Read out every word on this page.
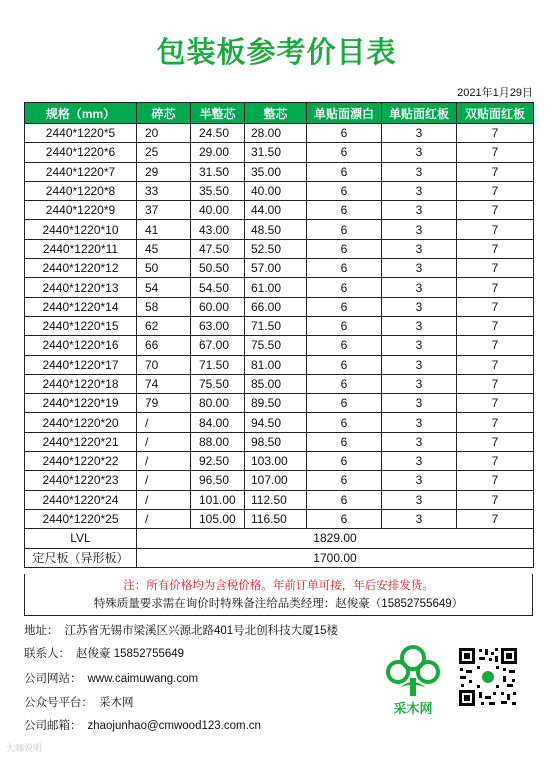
包装板参考价目表
2021年1月29日
规格（mm）	碎芯	半整芯	整芯	单贴面漂白	单贴面红板	双贴面红板
2440*1220*5	20	24.50	28.00	6	3	7
2440*1220*6	25	29.00	31.50	6	3	7
2440*1220*7	29	31.50	35.00	6	3	7
2440*1220*8	33	35.50	40.00	6	3	7
2440*1220*9	37	40.00	44.00	6	3	7
2440*1220*10	41	43.00	48.50	6	3	7
2440*1220*11	45	47.50	52.50	6	3	7
2440*1220*12	50	50.50	57.00	6	3	7
2440*1220*13	54	54.50	61.00	6	3	7
2440*1220*14	58	60.00	66.00	6	3	7
2440*1220*15	62	63.00	71.50	6	3	7
2440*1220*16	66	67.00	75.50	6	3	7
2440*1220*17	70	71.50	81.00	6	3	7
2440*1220*18	74	75.50	85.00	6	3	7
2440*1220*19	79	80.00	89.50	6	3	7
2440*1220*20	/	84.00	94.50	6	3	7
2440*1220*21	/	88.00	98.50	6	3	7
2440*1220*22	/	92.50	103.00	6	3	7
2440*1220*23	/	96.50	107.00	6	3	7
2440*1220*24	/	101.00	112.50	6	3	7
2440*1220*25	/	105.00	116.50	6	3	7
LVL	1829.00					
定尺板（异形板）	1700.00					
注：所有价格均为含税价格。年前订单可接，年后安排发货。
特殊质量要求需在询价时特殊备注给品类经理：赵俊豪（15852755649）
地址： 江苏省无锡市梁溪区兴源北路401号北创科技大厦15楼
联系人： 赵俊豪 15852755649
公司网站： www.caimuwang.com
公众号平台： 采木网
公司邮箱： zhaojunhao@cmwood123.com.cn
采木网
大咖说明
